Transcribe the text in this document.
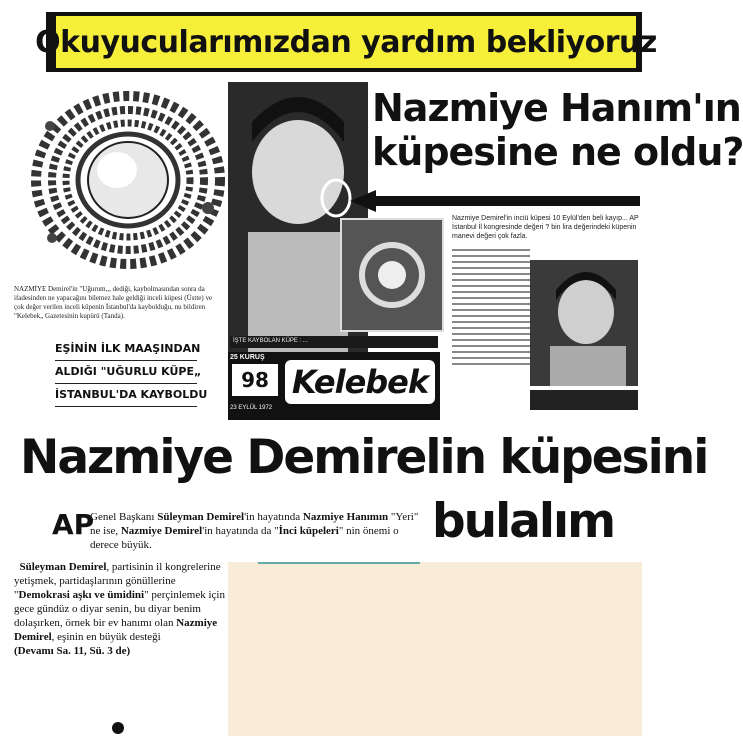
Okuyucularımızdan yardım bekliyoruz
NAZMİYE Demirel'in "Uğurum,,, dediği, kaybolmasından sonra da ifadesinden ne yapacağını bilemez hale geldiği inceli küpesi (Üstte) ve çok değer verilen inceli küpenin İstanbul'da kaybolduğu, nu bildiren "Kelebek„ Gazetesinin kupürü (Tanda).
EŞİNİN İLK MAAŞINDAN
ALDIĞI "UĞURLU KÜPE„
İSTANBUL'DA KAYBOLDU
Nazmiye Hanım'ın
küpesine ne oldu?
Nazmiye Demirel'in inciü küpesi 10 Eylül'den beli kayıp... AP İstanbul İl kongresinde değeri ? bin lira değerindeki küpenin manevi değeri çok fazla.
İŞTE KAYBOLAN KÜPE : ...
25 KURUŞ
98 Kelebek
23 EYLÜL 1972
Nazmiye Demirelin küpesini
bulalım
AP
Genel Başkanı Süleyman Demirel'in hayatında Nazmiye Hanımın "Yeri" ne ise, Nazmiye Demirel'in hayatında da "İnci küpeleri" nin önemi o derece büyük.
Süleyman Demirel, partisinin il kongrelerine yetişmek, partidaşlarının gönüllerine "Demokrasi aşkı ve ümidini" perçinlemek için gece gündüz o diyar senin, bu diyar benim dolaşırken, örnek bir ev hanımı olan Nazmiye Demirel, eşinin en büyük desteği
(Devamı Sa. 11, Sü. 3 de)
